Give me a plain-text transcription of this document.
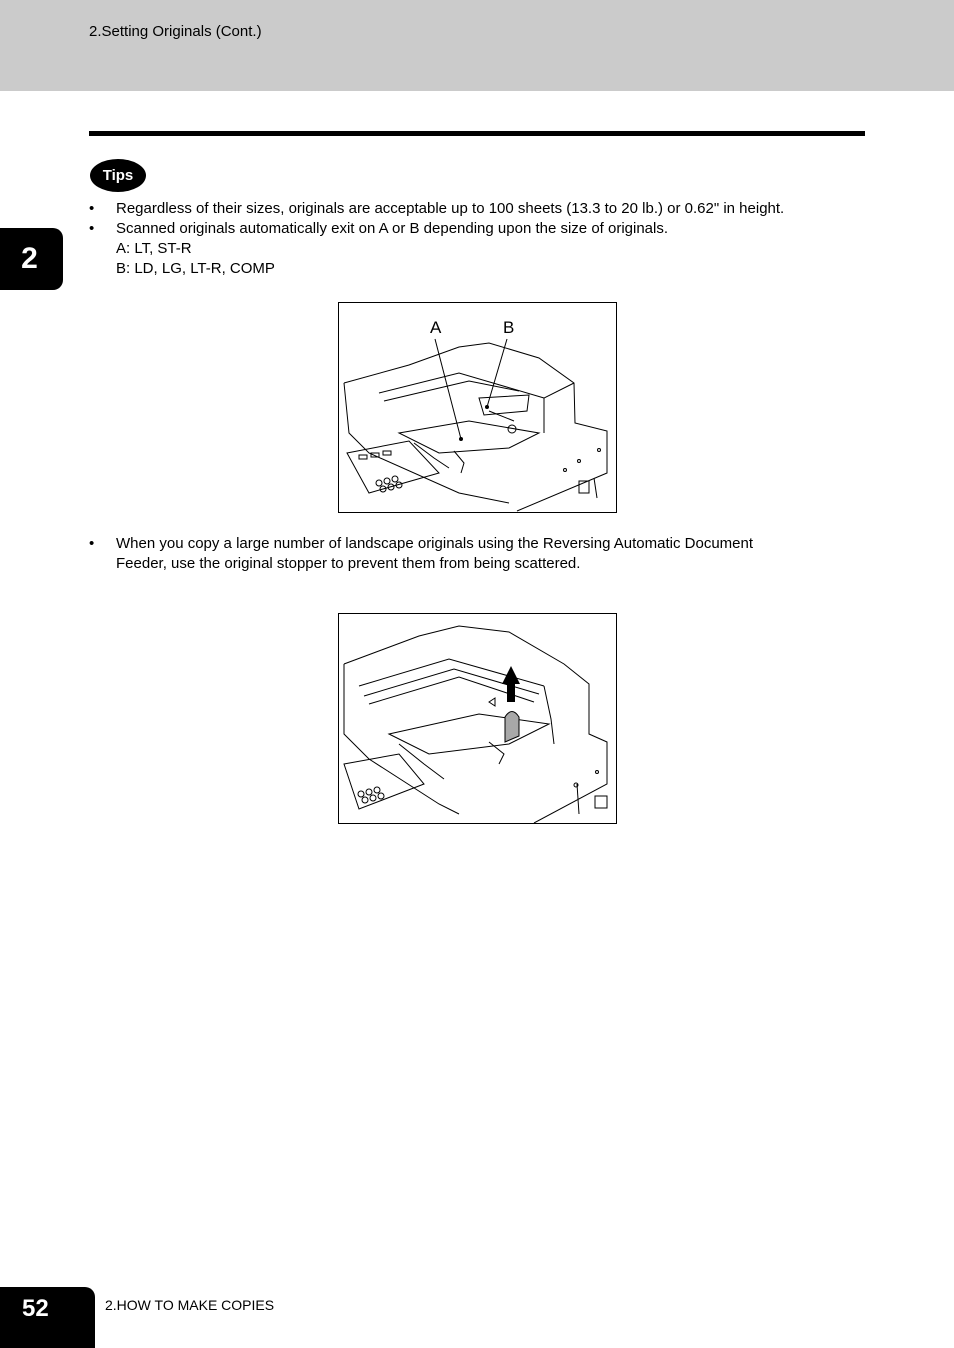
2.Setting Originals (Cont.)
2
Tips
• Regardless of their sizes, originals are acceptable up to 100 sheets (13.3 to 20 lb.) or 0.62" in height.
• Scanned originals automatically exit on A or B depending upon the size of originals.
A: LT, ST-R
B: LD, LG, LT-R, COMP
A	B
• When you copy a large number of landscape originals using the Reversing Automatic Document
Feeder, use the original stopper to prevent them from being scattered.
52	2.HOW TO MAKE COPIES
